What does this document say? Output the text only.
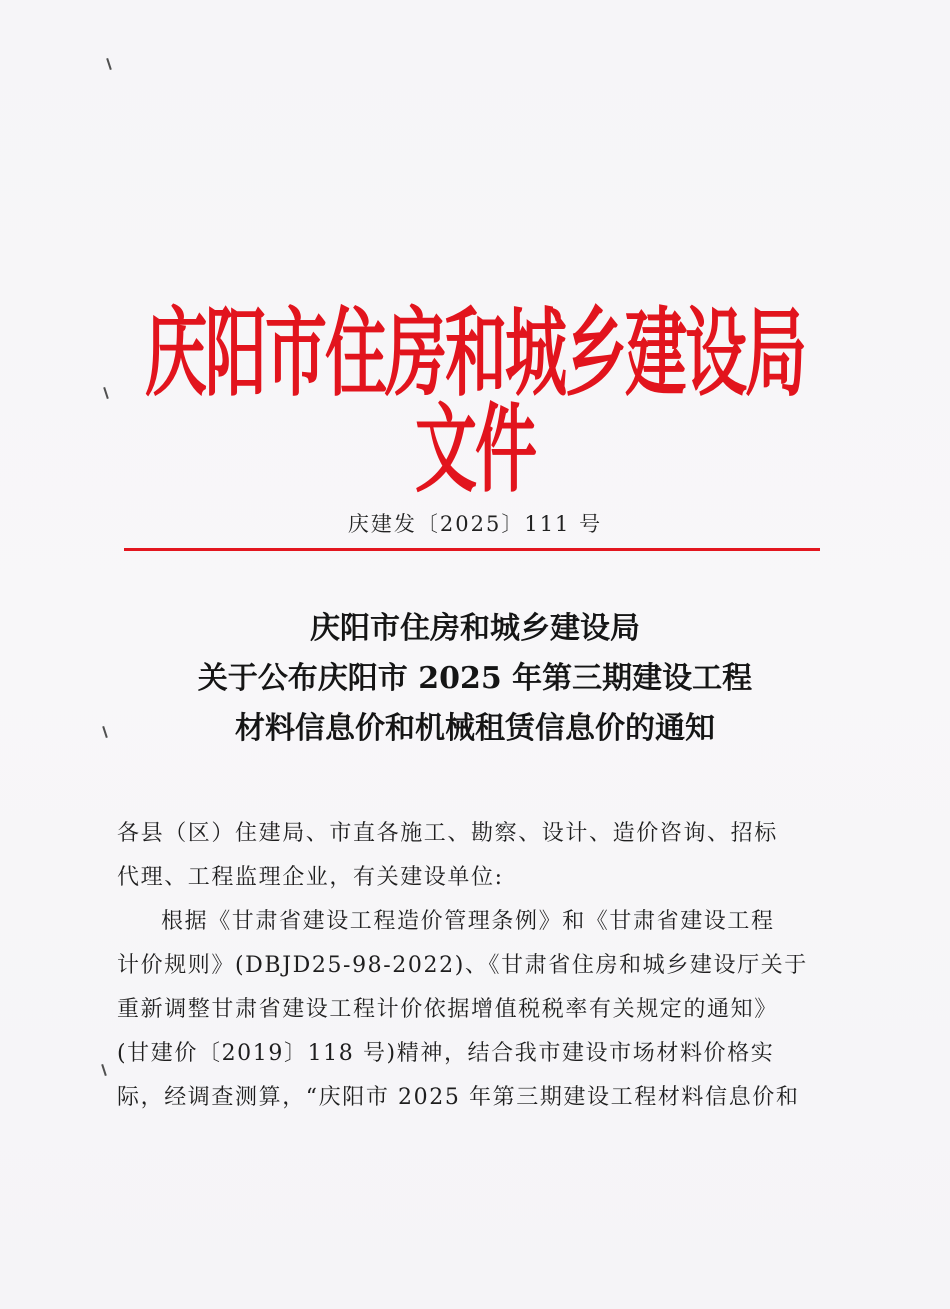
庆阳市住房和城乡建设局文件
庆建发〔2025〕111 号
庆阳市住房和城乡建设局
关于公布庆阳市 2025 年第三期建设工程
材料信息价和机械租赁信息价的通知

各县（区）住建局、市直各施工、勘察、设计、造价咨询、招标

代理、工程监理企业，有关建设单位:

根据《甘肃省建设工程造价管理条例》和《甘肃省建设工程

计价规则》(DBJD25-98-2022)、《甘肃省住房和城乡建设厅关于

重新调整甘肃省建设工程计价依据增值税税率有关规定的通知》

(甘建价〔2019〕118 号)精神，结合我市建设市场材料价格实

际，经调查测算，“庆阳市 2025 年第三期建设工程材料信息价和
